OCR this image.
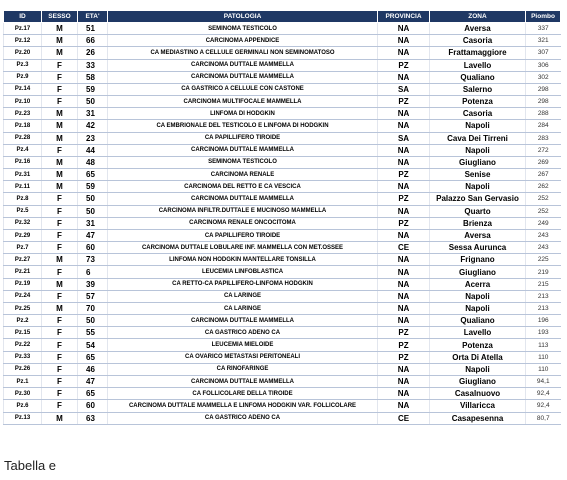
ID	SESSO	ETA'	PATOLOGIA	PROVINCIA	ZONA	Piombo
Pz.17	M	51	SEMINOMA TESTICOLO	NA	Aversa	337
Pz.12	M	66	CARCINOMA APPENDICE	NA	Casoria	321
Pz.20	M	26	CA MEDIASTINO A CELLULE GERMINALI NON SEMINOMATOSO	NA	Frattamaggiore	307
Pz.3	F	33	CARCINOMA DUTTALE MAMMELLA	PZ	Lavello	306
Pz.9	F	58	CARCINOMA DUTTALE MAMMELLA	NA	Qualiano	302
Pz.14	F	59	CA GASTRICO A CELLULE CON CASTONE	SA	Salerno	298
Pz.10	F	50	CARCINOMA MULTIFOCALE MAMMELLA	PZ	Potenza	298
Pz.23	M	31	LINFOMA DI HODGKIN	NA	Casoria	288
Pz.18	M	42	CA EMBRIONALE DEL TESTICOLO E LINFOMA DI HODGKIN	NA	Napoli	284
Pz.28	M	23	CA PAPILLIFERO TIROIDE	SA	Cava Dei Tirreni	283
Pz.4	F	44	CARCINOMA DUTTALE MAMMELLA	NA	Napoli	272
Pz.16	M	48	SEMINOMA TESTICOLO	NA	Giugliano	269
Pz.31	M	65	CARCINOMA RENALE	PZ	Senise	267
Pz.11	M	59	CARCINOMA DEL RETTO E CA VESCICA	NA	Napoli	262
Pz.8	F	50	CARCINOMA DUTTALE MAMMELLA	PZ	Palazzo San Gervasio	252
Pz.5	F	50	CARCINOMA INFILTR.DUTTALE E MUCINOSO MAMMELLA	NA	Quarto	252
Pz.32	F	31	CARCINOMA RENALE ONCOCITOMA	PZ	Brienza	249
Pz.29	F	47	CA PAPILLIFERO TIROIDE	NA	Aversa	243
Pz.7	F	60	CARCINOMA DUTTALE LOBULARE INF. MAMMELLA CON MET.OSSEE	CE	Sessa Aurunca	243
Pz.27	M	73	LINFOMA NON HODGKIN MANTELLARE TONSILLA	NA	Frignano	225
Pz.21	F	6	LEUCEMIA LINFOBLASTICA	NA	Giugliano	219
Pz.19	M	39	CA RETTO-CA PAPILLIFERO-LINFOMA HODGKIN	NA	Acerra	215
Pz.24	F	57	CA LARINGE	NA	Napoli	213
Pz.25	M	70	CA LARINGE	NA	Napoli	213
Pz.2	F	50	CARCINOMA DUTTALE MAMMELLA	NA	Qualiano	196
Pz.15	F	55	CA GASTRICO ADENO CA	PZ	Lavello	193
Pz.22	F	54	LEUCEMIA MIELOIDE	PZ	Potenza	113
Pz.33	F	65	CA OVARICO METASTASI PERITONEALI	PZ	Orta Di Atella	110
Pz.26	F	46	CA RINOFARINGE	NA	Napoli	110
Pz.1	F	47	CARCINOMA DUTTALE MAMMELLA	NA	Giugliano	94,1
Pz.30	F	65	CA FOLLICOLARE DELLA TIROIDE	NA	Casalnuovo	92,4
Pz.6	F	60	CARCINOMA DUTTALE MAMMELLA E LINFOMA HODGKIN VAR. FOLLICOLARE	NA	Villaricca	92,4
Pz.13	M	63	CA GASTRICO ADENO CA	CE	Casapesenna	80,7
Tabella e
